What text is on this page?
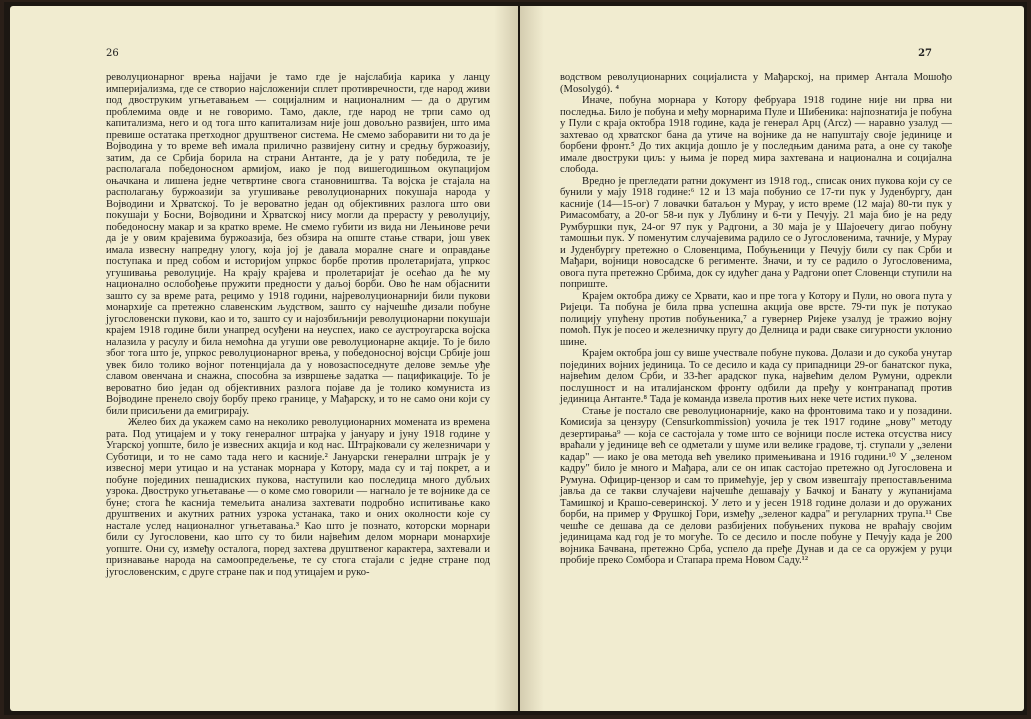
26

револуционарног врења најјачи је тамо где је најслабија карика у ланцу империјализма, где се створио најсложенији сплет противречности, где народ живи под двоструким угњетавањем — социјалним и националним — да о другим проблемима овде и не говоримо. Тамо, дакле, где народ не трпи само од капитализма, него и од тога што капитализам није још довољно развијен, што има превише остатака претходног друштвеног система. Не смемо заборавити ни то да је Војводина у то време већ имала прилично развијену ситну и средњу буржоазију, затим, да се Србија борила на страни Антанте, да је у рату победила, те је располагала победоносном армијом, иако је под вишегодишњом окупацијом оњачкана и лишена једне четвртине свога становништва. Та војска је стајала на располагању буржоазији за угушивање револуционарних покушаја народа у Војводини и Хрватској. То је вероватно један од објективних разлога што ови покушаји у Босни, Војводини и Хрватској нису могли да прерасту у револуцију, победоносну макар и за кратко време. Не смемо губити из вида ни Лењинове речи да је у овим крајевима буржоазија, без обзира на опште стање ствари, још увек имала извесну напредну улогу, која јој је давала моралне снаге и оправдање поступака и пред собом и историјом упркос борбе против пролетаријата, упркос угушивања револуције. На крају крајева и пролетаријат је осећао да ће му национално ослобођење пружити предности у даљој борби. Ово ће нам објаснити зашто су за време рата, рецимо у 1918 години, најреволуционарнији били пукови монархије са претежно славенским људством, зашто су најчешће дизали побуне југословенски пукови, као и то, зашто су и најозбиљнији револуционарни покушаји крајем 1918 године били унапред осуђени на неуспех, иако се аустроугарска војска налазила у расулу и била немоћна да угуши ове револуционарне акције. То је било због тога што је, упркос револуционарног врења, у победоносној војсци Србије још увек било толико војног потенцијала да у новозаспоседнуте делове земље уђе славом овенчана и снажна, способна за извршење задатка — пацификације. То је вероватно био један од објективних разлога појаве да је толико комуниста из Војводине пренело своју борбу преко границе, у Мађарску, и то не само они који су били присиљени да емигрирају.

Желео бих да укажем само на неколико револуционарних момената из времена рата. Под утицајем и у току генералног штрајка у јануару и јуну 1918 године у Угарској уопште, било је извесних акција и код нас. Штрајковали су железничари у Суботици, и то не само тада него и касније.² Јануарски генерални штрајк је у извесној мери утицао и на устанак морнара у Котору, мада су и тај покрет, а и побуне појединих пешадиских пукова, наступили као последица много дубљих узрока. Двоструко угњетавање — о коме смо говорили — нагнало је те војнике да се буне; стога ће каснија темељита анализа захтевати подробно испитивање како друштвених и акутних ратних узрока устанака, тако и оних околности које су настале услед националног угњетавања.³ Као што је познато, которски морнари били су Југословени, као што су то били највећим делом морнари монархије уопште. Они су, између осталога, поред захтева друштвеног карактера, захтевали и признавање народа на самоопредељење, те су стога стајали с једне стране под југословенским, с друге стране пак и под утицајем и руко-

27

водством револуционарних социјалиста у Мађарској, на пример Антала Мошођо (Mosolygó). ⁴

Иначе, побуна морнара у Котору фебруара 1918 године није ни прва ни последња. Било је побуна и међу морнарима Пуле и Шибеника: најпознатија је побуна у Пули с краја октобра 1918 године, када је генерал Арц (Arcz) — наравно узалуд — захтевао од хрватског бана да утиче на војнике да не напуштају своје јединице и борбени фронт.⁵ До тих акција дошло је у последњим данима рата, а оне су такође имале двоструки циљ: у њима је поред мира захтевана и национална и социјална слобода.

Вредно је прегледати ратни документ из 1918 год., списак оних пукова који су се бунили у мају 1918 године:⁶ 12 и 13 маја побунио се 17-ти пук у Јуденбургу, дан касније (14—15-ог) 7 ловачки батаљон у Мурау, у исто време (12 маја) 80-ти пук у Римасомбату, а 20-ог 58-и пук у Лублину и 6-ти у Печују. 21 маја био је на реду Румбуршки пук, 24-ог 97 пук у Радгони, а 30 маја је у Шајоечегу дигао побуну тамошњи пук. У поменутим случајевима радило се о Југословенима, тачније, у Мурау и Јуденбургу претежно о Словенцима, Побуњеници у Печују били су пак Срби и Мађари, војници новосадске 6 регименте. Значи, и ту се радило о Југословенима, овога пута претежно Србима, док су идућег дана у Радгони опет Словенци ступили на поприште.

Крајем октобра дижу се Хрвати, као и пре тога у Котору и Пули, но овога пута у Ријеци. Та побуна је била прва успешна акција ове врсте. 79-ти пук је потукао полицију упућену против побуњеника,⁷ а гувернер Ријеке узалуд је тражио војну помоћ. Пук је посео и железничку пругу до Делница и ради сваке сигурности уклонио шине.

Крајем октобра још су више учествале побуне пукова. Долази и до сукоба унутар појединих војних јединица. То се десило и када су припадници 29-ог банатског пука, највећим делом Срби, и 33-ћег арадског пука, највећим делом Румуни, одрекли послушност и на италијанском фронту одбили да пређу у контранапад против јединица Антанте.⁸ Тада је команда извела против њих неке четe истих пукова.

Стање је постало све револуционарније, како на фронтовима тако и у позадини. Комисија за цензуру (Censurkommission) уочила је тек 1917 године „нову" методу дезертирања⁹ — која се састојала у томе што се војници после истека отсуства нису враћали у јединице већ се одметали у шуме или велике градове, тј. ступали у „зелени кадар" — иако је ова метода већ увелико примењивана и 1916 години.¹⁰ У „зеленом кадру" било је много и Мађара, али се он ипак састојао претежно од Југословена и Румуна. Официр-цензор и сам то примећује, јер у свом извештају препостављенима јавља да се такви случајеви најчешће дешавају у Бачкој и Банату у жупанијама Тамишкој и Крашо-северинској. У лето и у јесен 1918 године долази и до оружаних борби, на пример у Фрушкој Гори, између „зеленог кадра" и регуларних трупа.¹¹ Све чешће се дешава да се делови разбијених побуњених пукова не враћају својим јединицама кад год је то могуће. То се десило и после побуне у Печују када је 200 војника Бачвана, претежно Срба, успело да пређе Дунав и да се са оружјем у руци пробије преко Сомбора и Стапара према Новом Саду.¹²
